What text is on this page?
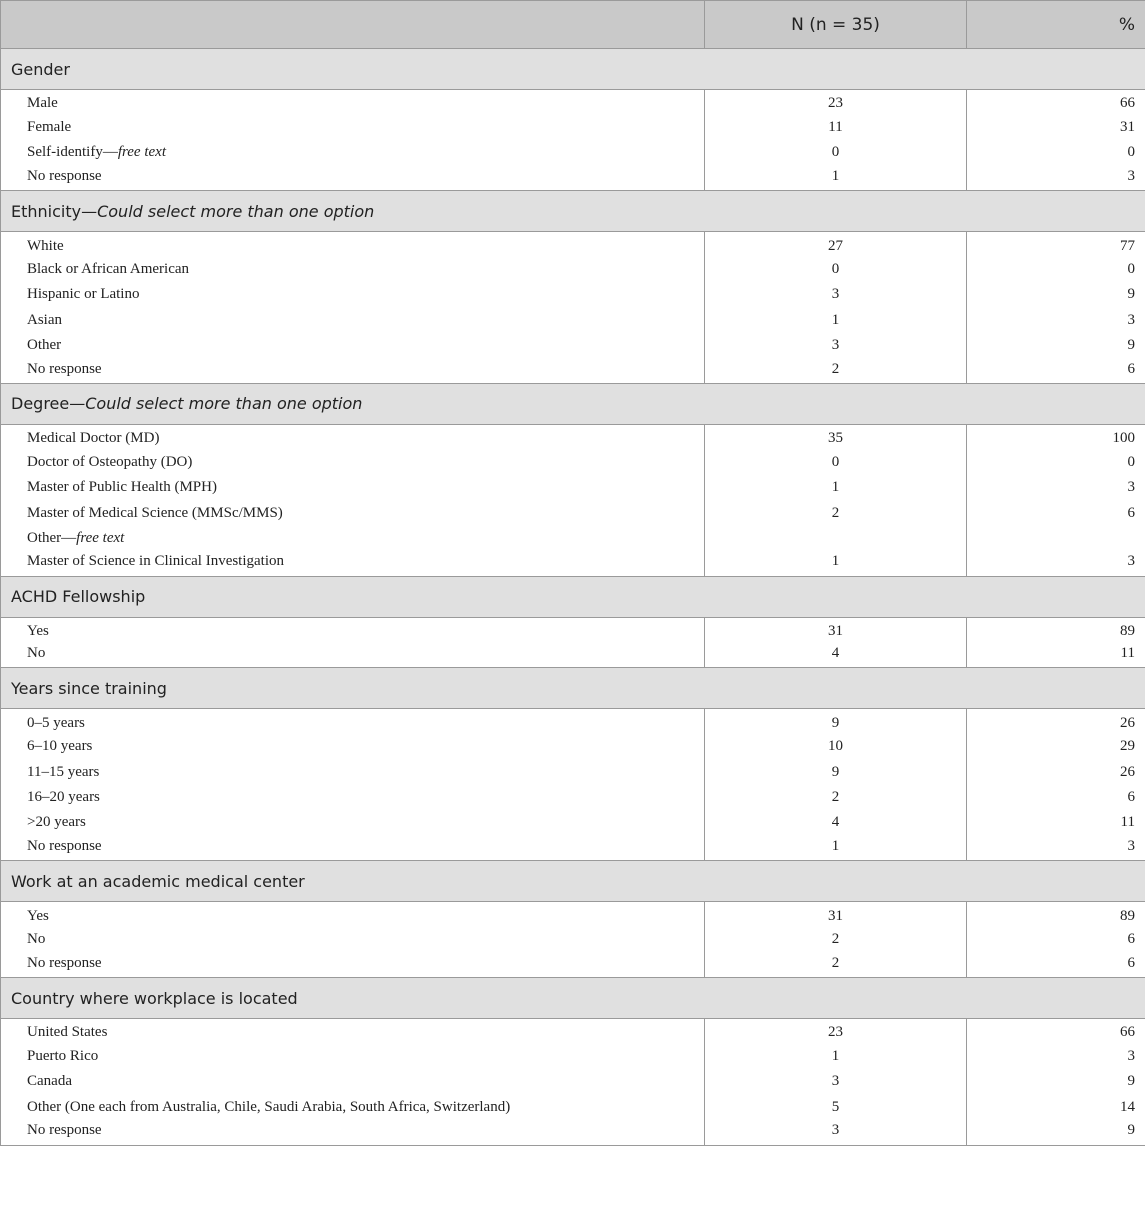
	N (n = 35)	%
Gender		
Male	23	66
Female	11	31
Self-identify—free text	0	0
No response	1	3
Ethnicity—Could select more than one option		
White	27	77
Black or African American	0	0
Hispanic or Latino	3	9
Asian	1	3
Other	3	9
No response	2	6
Degree—Could select more than one option		
Medical Doctor (MD)	35	100
Doctor of Osteopathy (DO)	0	0
Master of Public Health (MPH)	1	3
Master of Medical Science (MMSc/MMS)	2	6
Other—free text		
Master of Science in Clinical Investigation	1	3
ACHD Fellowship		
Yes	31	89
No	4	11
Years since training		
0–5 years	9	26
6–10 years	10	29
11–15 years	9	26
16–20 years	2	6
>20 years	4	11
No response	1	3
Work at an academic medical center		
Yes	31	89
No	2	6
No response	2	6
Country where workplace is located		
United States	23	66
Puerto Rico	1	3
Canada	3	9
Other (One each from Australia, Chile, Saudi Arabia, South Africa, Switzerland)	5	14
No response	3	9
